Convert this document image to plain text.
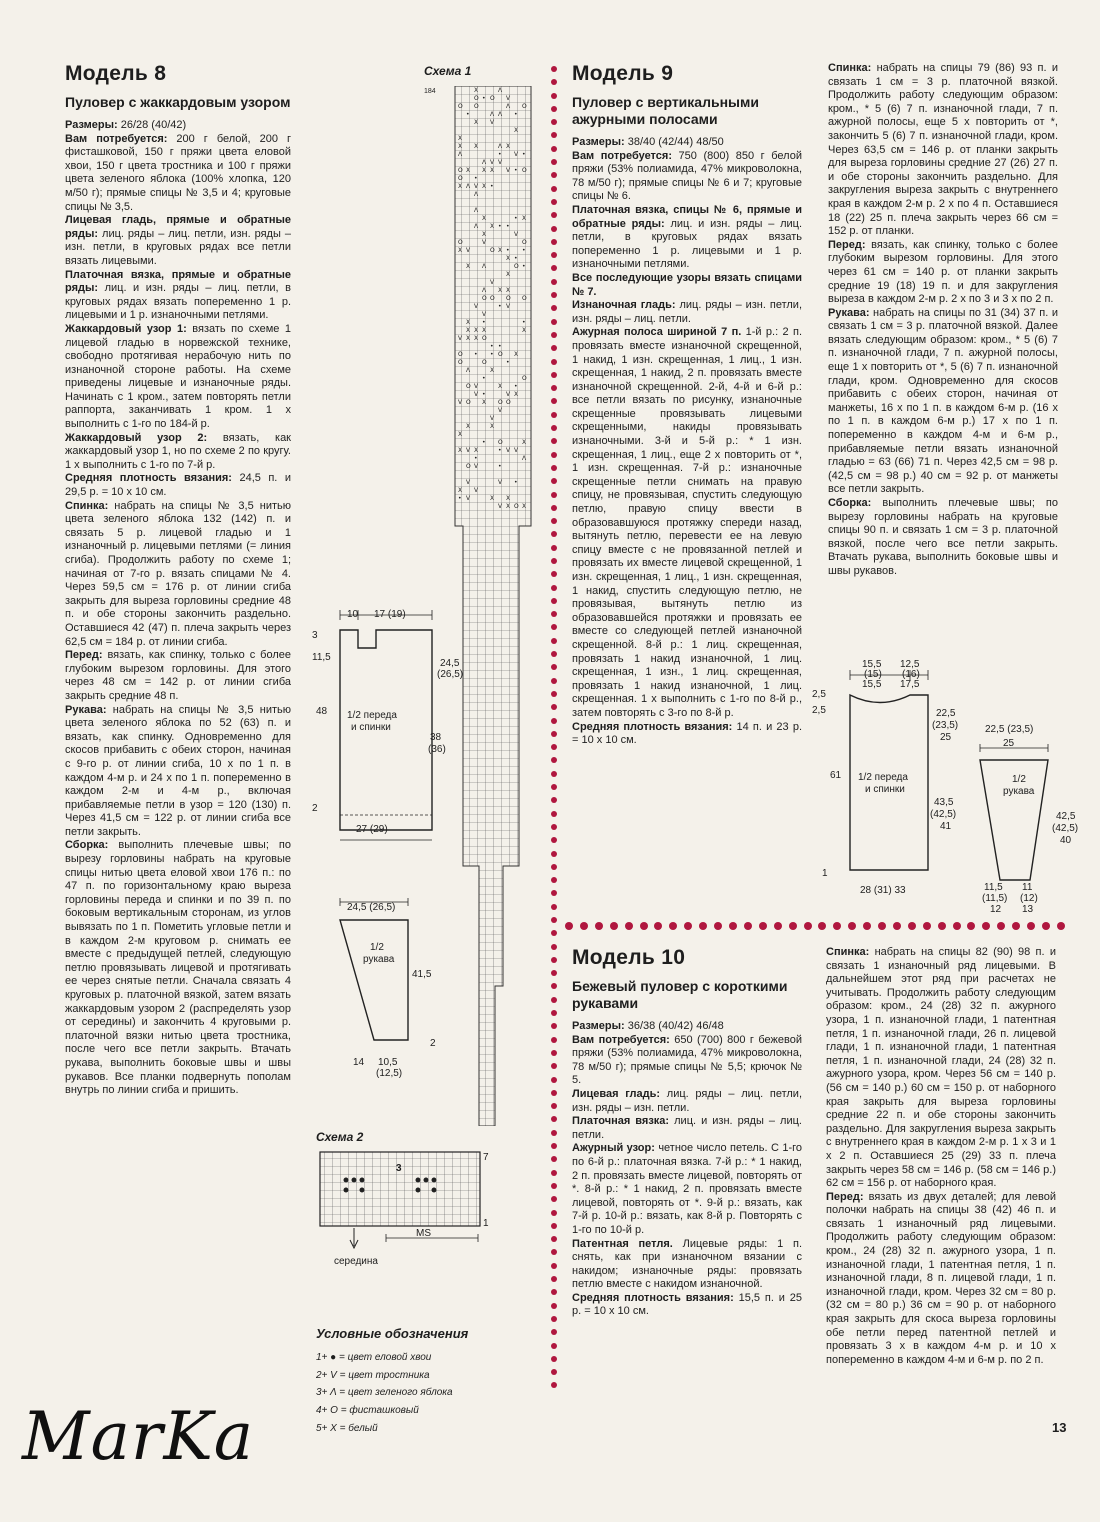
Модель 8
Пуловер с жаккардовым узором

Размеры: 26/28 (40/42)

Вам потребуется: 200 г белой, 200 г фисташковой, 150 г пряжи цвета еловой хвои, 150 г цвета тростника и 100 г пряжи цвета зеленого яблока (100% хлопка, 120 м/50 г); прямые спицы № 3,5 и 4; круговые спицы № 3,5.

Лицевая гладь, прямые и обратные ряды: лиц. ряды – лиц. петли, изн. ряды – изн. петли, в круговых рядах все петли вязать лицевыми.

Платочная вязка, прямые и обратные ряды: лиц. и изн. ряды – лиц. петли, в круговых рядах вязать попеременно 1 р. лицевыми и 1 р. изнаночными петлями.

Жаккардовый узор 1: вязать по схеме 1 лицевой гладью в норвежской технике, свободно протягивая нерабочую нить по изнаночной стороне работы. На схеме приведены лицевые и изнаночные ряды. Начинать с 1 кром., затем повторять петли раппорта, заканчивать 1 кром. 1 х выполнить с 1-го по 184-й р.

Жаккардовый узор 2: вязать, как жаккардовый узор 1, но по схеме 2 по кругу. 1 х выполнить с 1-го по 7-й р.

Средняя плотность вязания: 24,5 п. и 29,5 р. = 10 х 10 см.

Спинка: набрать на спицы № 3,5 нитью цвета зеленого яблока 132 (142) п. и связать 5 р. лицевой гладью и 1 изнаночный р. лицевыми петлями (= линия сгиба). Продолжить работу по схеме 1; начиная от 7-го р. вязать спицами № 4. Через 59,5 см = 176 р. от линии сгиба закрыть для выреза горловины средние 48 п. и обе стороны закончить раздельно. Оставшиеся 42 (47) п. плеча закрыть через 62,5 см = 184 р. от линии сгиба.

Перед: вязать, как спинку, только с более глубоким вырезом горловины. Для этого через 48 см = 142 р. от линии сгиба закрыть средние 48 п.

Рукава: набрать на спицы № 3,5 нитью цвета зеленого яблока по 52 (63) п. и вязать, как спинку. Одновременно для скосов прибавить с обеих сторон, начиная с 9-го р. от линии сгиба, 10 х по 1 п. в каждом 4-м р. и 24 х по 1 п. попеременно в каждом 2-м и 4-м р., включая прибавляемые петли в узор = 120 (130) п. Через 41,5 см = 122 р. от линии сгиба все петли закрыть.

Сборка: выполнить плечевые швы; по вырезу горловины набрать на круговые спицы нитью цвета еловой хвои 176 п.: по 47 п. по горизонтальному краю выреза горловины переда и спинки и по 39 п. по боковым вертикальным сторонам, из углов вывязать по 1 п. Пометить угловые петли и в каждом 2-м круговом р. снимать ее вместе с предыдущей петлей, следующую петлю провязывать лицевой и протягивать ее через снятые петли. Сначала связать 4 круговых р. платочной вязкой, затем вязать жаккардовым узором 2 (распределять узор от середины) и закончить 4 круговыми р. платочной вязки нитью цвета тростника, после чего все петли закрыть. Втачать рукава, выполнить боковые швы и швы рукавов. Все планки подвернуть пополам внутрь по линии сгиба и пришить.

Схема 1
184	X	Λ
O • O V
O O	Λ O
•	Λ Λ •
X V
X
X
X X	Λ X
Λ	• V •
Λ V V
O X X X V • O
O •
X Λ V X •
Λ
Λ
X	• X
Λ X • •
X	V
O	V	O
X V	O X • •
X •
X Λ	O •
X
V
Λ X X
O O O O
V	• V
V
X •	•
X X X	X
V X X O
• •
O • • O X
O	O	•
Λ	X
•	O
O V	X •
V •	V X
V O X O O
V
V
X	X
X
• O	X
X V X	• V V
•	Λ
O V	•
V	V •
X V
• V	X X
V X O X
10 17 (19)
3
11,5
24,5
(26,5)
48 1/2 переда
и спинки
38
(36)
2
27 (29)
24,5 (26,5)
1/2
рукава
41,5
14 10,5
(12,5)
2
Схема 2
3
7
1
MS
середина
Условные обозначения
1+ ● = цвет еловой хвои
2+ V = цвет тростника
3+ Λ = цвет зеленого яблока
4+ O = фисташковый
5+ X = белый
Модель 9
Пуловер с вертикальными ажурными полосами

Размеры: 38/40 (42/44) 48/50

Вам потребуется: 750 (800) 850 г белой пряжи (53% полиамида, 47% микроволокна, 78 м/50 г); прямые спицы № 6 и 7; круговые спицы № 6.

Платочная вязка, спицы № 6, прямые и обратные ряды: лиц. и изн. ряды – лиц. петли, в круговых рядах вязать попеременно 1 р. лицевыми и 1 р. изнаночными петлями.

Все последующие узоры вязать спицами № 7.

Изнаночная гладь: лиц. ряды – изн. петли, изн. ряды – лиц. петли.

Ажурная полоса шириной 7 п. 1-й р.: 2 п. провязать вместе изнаночной скрещенной, 1 накид, 1 изн. скрещенная, 1 лиц., 1 изн. скрещенная, 1 накид, 2 п. провязать вместе изнаночной скрещенной. 2-й, 4-й и 6-й р.: все петли вязать по рисунку, изнаночные скрещенные провязывать лицевыми скрещенными, накиды провязывать изнаночными. 3-й и 5-й р.: * 1 изн. скрещенная, 1 лиц., еще 2 х повторить от *, 1 изн. скрещенная. 7-й р.: изнаночные скрещенные петли снимать на правую спицу, не провязывая, спустить следующую петлю, правую спицу ввести в образовавшуюся протяжку спереди назад, вытянуть петлю, перевести ее на левую спицу вместе с не провязанной петлей и провязать их вместе лицевой скрещенной, 1 изн. скрещенная, 1 лиц., 1 изн. скрещенная, 1 накид, спустить следующую петлю, не провязывая, вытянуть петлю из образовавшейся протяжки и провязать ее вместе со следующей петлей изнаночной скрещенной. 8-й р.: 1 лиц. скрещенная, провязать 1 накид изнаночной, 1 лиц. скрещенная, 1 изн., 1 лиц. скрещенная, провязать 1 накид изнаночной, 1 лиц. скрещенная. 1 х выполнить с 1-го по 8-й р., затем повторять с 3-го по 8-й р.

Средняя плотность вязания: 14 п. и 23 р. = 10 х 10 см.

15,5
(15)
15,5
12,5
(16)
17,5
2,5
2,5	22,5
(23,5)
25
61 1/2 переда
и спинки
43,5
(42,5)
41
1
28 (31) 33
22,5 (23,5)
25
1/2
рукава
42,5
(42,5)
40
11,5
(11,5)
12
11
(12)
13
Модель 10
Бежевый пуловер с короткими рукавами

Размеры: 36/38 (40/42) 46/48

Вам потребуется: 650 (700) 800 г бежевой пряжи (53% полиамида, 47% микроволокна, 78 м/50 г); прямые спицы № 5,5; крючок № 5.

Лицевая гладь: лиц. ряды – лиц. петли, изн. ряды – изн. петли.

Платочная вязка: лиц. и изн. ряды – лиц. петли.

Ажурный узор: четное число петель. С 1-го по 6-й р.: платочная вязка. 7-й р.: * 1 накид, 2 п. провязать вместе лицевой, повторять от *. 8-й р.: * 1 накид, 2 п. провязать вместе лицевой, повторять от *. 9-й р.: вязать, как 7-й р. 10-й р.: вязать, как 8-й р. Повторять с 1-го по 10-й р.

Патентная петля. Лицевые ряды: 1 п. снять, как при изнаночном вязании с накидом; изнаночные ряды: провязать петлю вместе с накидом изнаночной.

Средняя плотность вязания: 15,5 п. и 25 р. = 10 х 10 см.

13
MarKa

Спинка: набрать на спицы 79 (86) 93 п. и связать 1 см = 3 р. платочной вязкой. Продолжить работу следующим образом: кром., * 5 (6) 7 п. изнаночной глади, 7 п. ажурной полосы, еще 5 х повторить от *, закончить 5 (6) 7 п. изнаночной глади, кром. Через 63,5 см = 146 р. от планки закрыть для выреза горловины средние 27 (26) 27 п. и обе стороны закончить раздельно. Для закругления выреза закрыть с внутреннего края в каждом 2-м р. 2 х по 4 п. Оставшиеся 18 (22) 25 п. плеча закрыть через 66 см = 152 р. от планки.

Перед: вязать, как спинку, только с более глубоким вырезом горловины. Для этого через 61 см = 140 р. от планки закрыть средние 19 (18) 19 п. и для закругления выреза в каждом 2-м р. 2 х по 3 и 3 х по 2 п.

Рукава: набрать на спицы по 31 (34) 37 п. и связать 1 см = 3 р. платочной вязкой. Далее вязать следующим образом: кром., * 5 (6) 7 п. изнаночной глади, 7 п. ажурной полосы, еще 1 х повторить от *, 5 (6) 7 п. изнаночной глади, кром. Одновременно для скосов прибавить с обеих сторон, начиная от манжеты, 16 х по 1 п. в каждом 6-м р. (16 х по 1 п. в каждом 6-м р.) 17 х по 1 п. попеременно в каждом 4-м и 6-м р., прибавляемые петли вязать изнаночной гладью = 63 (66) 71 п. Через 42,5 см = 98 р. (42,5 см = 98 р.) 40 см = 92 р. от манжеты все петли закрыть.

Сборка: выполнить плечевые швы; по вырезу горловины набрать на круговые спицы 90 п. и связать 1 см = 3 р. платочной вязкой, после чего все петли закрыть. Втачать рукава, выполнить боковые швы и швы рукавов.

Спинка: набрать на спицы 82 (90) 98 п. и связать 1 изнаночный ряд лицевыми. В дальнейшем этот ряд при расчетах не учитывать. Продолжить работу следующим образом: кром., 24 (28) 32 п. ажурного узора, 1 п. изнаночной глади, 1 патентная петля, 1 п. изнаночной глади, 26 п. лицевой глади, 1 п. изнаночной глади, 1 патентная петля, 1 п. изнаночной глади, 24 (28) 32 п. ажурного узора, кром. Через 56 см = 140 р. (56 см = 140 р.) 60 см = 150 р. от наборного края закрыть для выреза горловины средние 22 п. и обе стороны закончить раздельно. Для закругления выреза закрыть с внутреннего края в каждом 2-м р. 1 х 3 и 1 х 2 п. Оставшиеся 25 (29) 33 п. плеча закрыть через 58 см = 146 р. (58 см = 146 р.) 62 см = 156 р. от наборного края.

Перед: вязать из двух деталей; для левой полочки набрать на спицы 38 (42) 46 п. и связать 1 изнаночный ряд лицевыми. Продолжить работу следующим образом: кром., 24 (28) 32 п. ажурного узора, 1 п. изнаночной глади, 1 патентная петля, 1 п. изнаночной глади, 8 п. лицевой глади, 1 п. изнаночной глади, кром. Через 32 см = 80 р. (32 см = 80 р.) 36 см = 90 р. от наборного края закрыть для скоса выреза горловины обе петли перед патентной петлей и провязать 3 х в каждом 4-м р. и 10 х попеременно в каждом 4-м и 6-м р. по 2 п.
